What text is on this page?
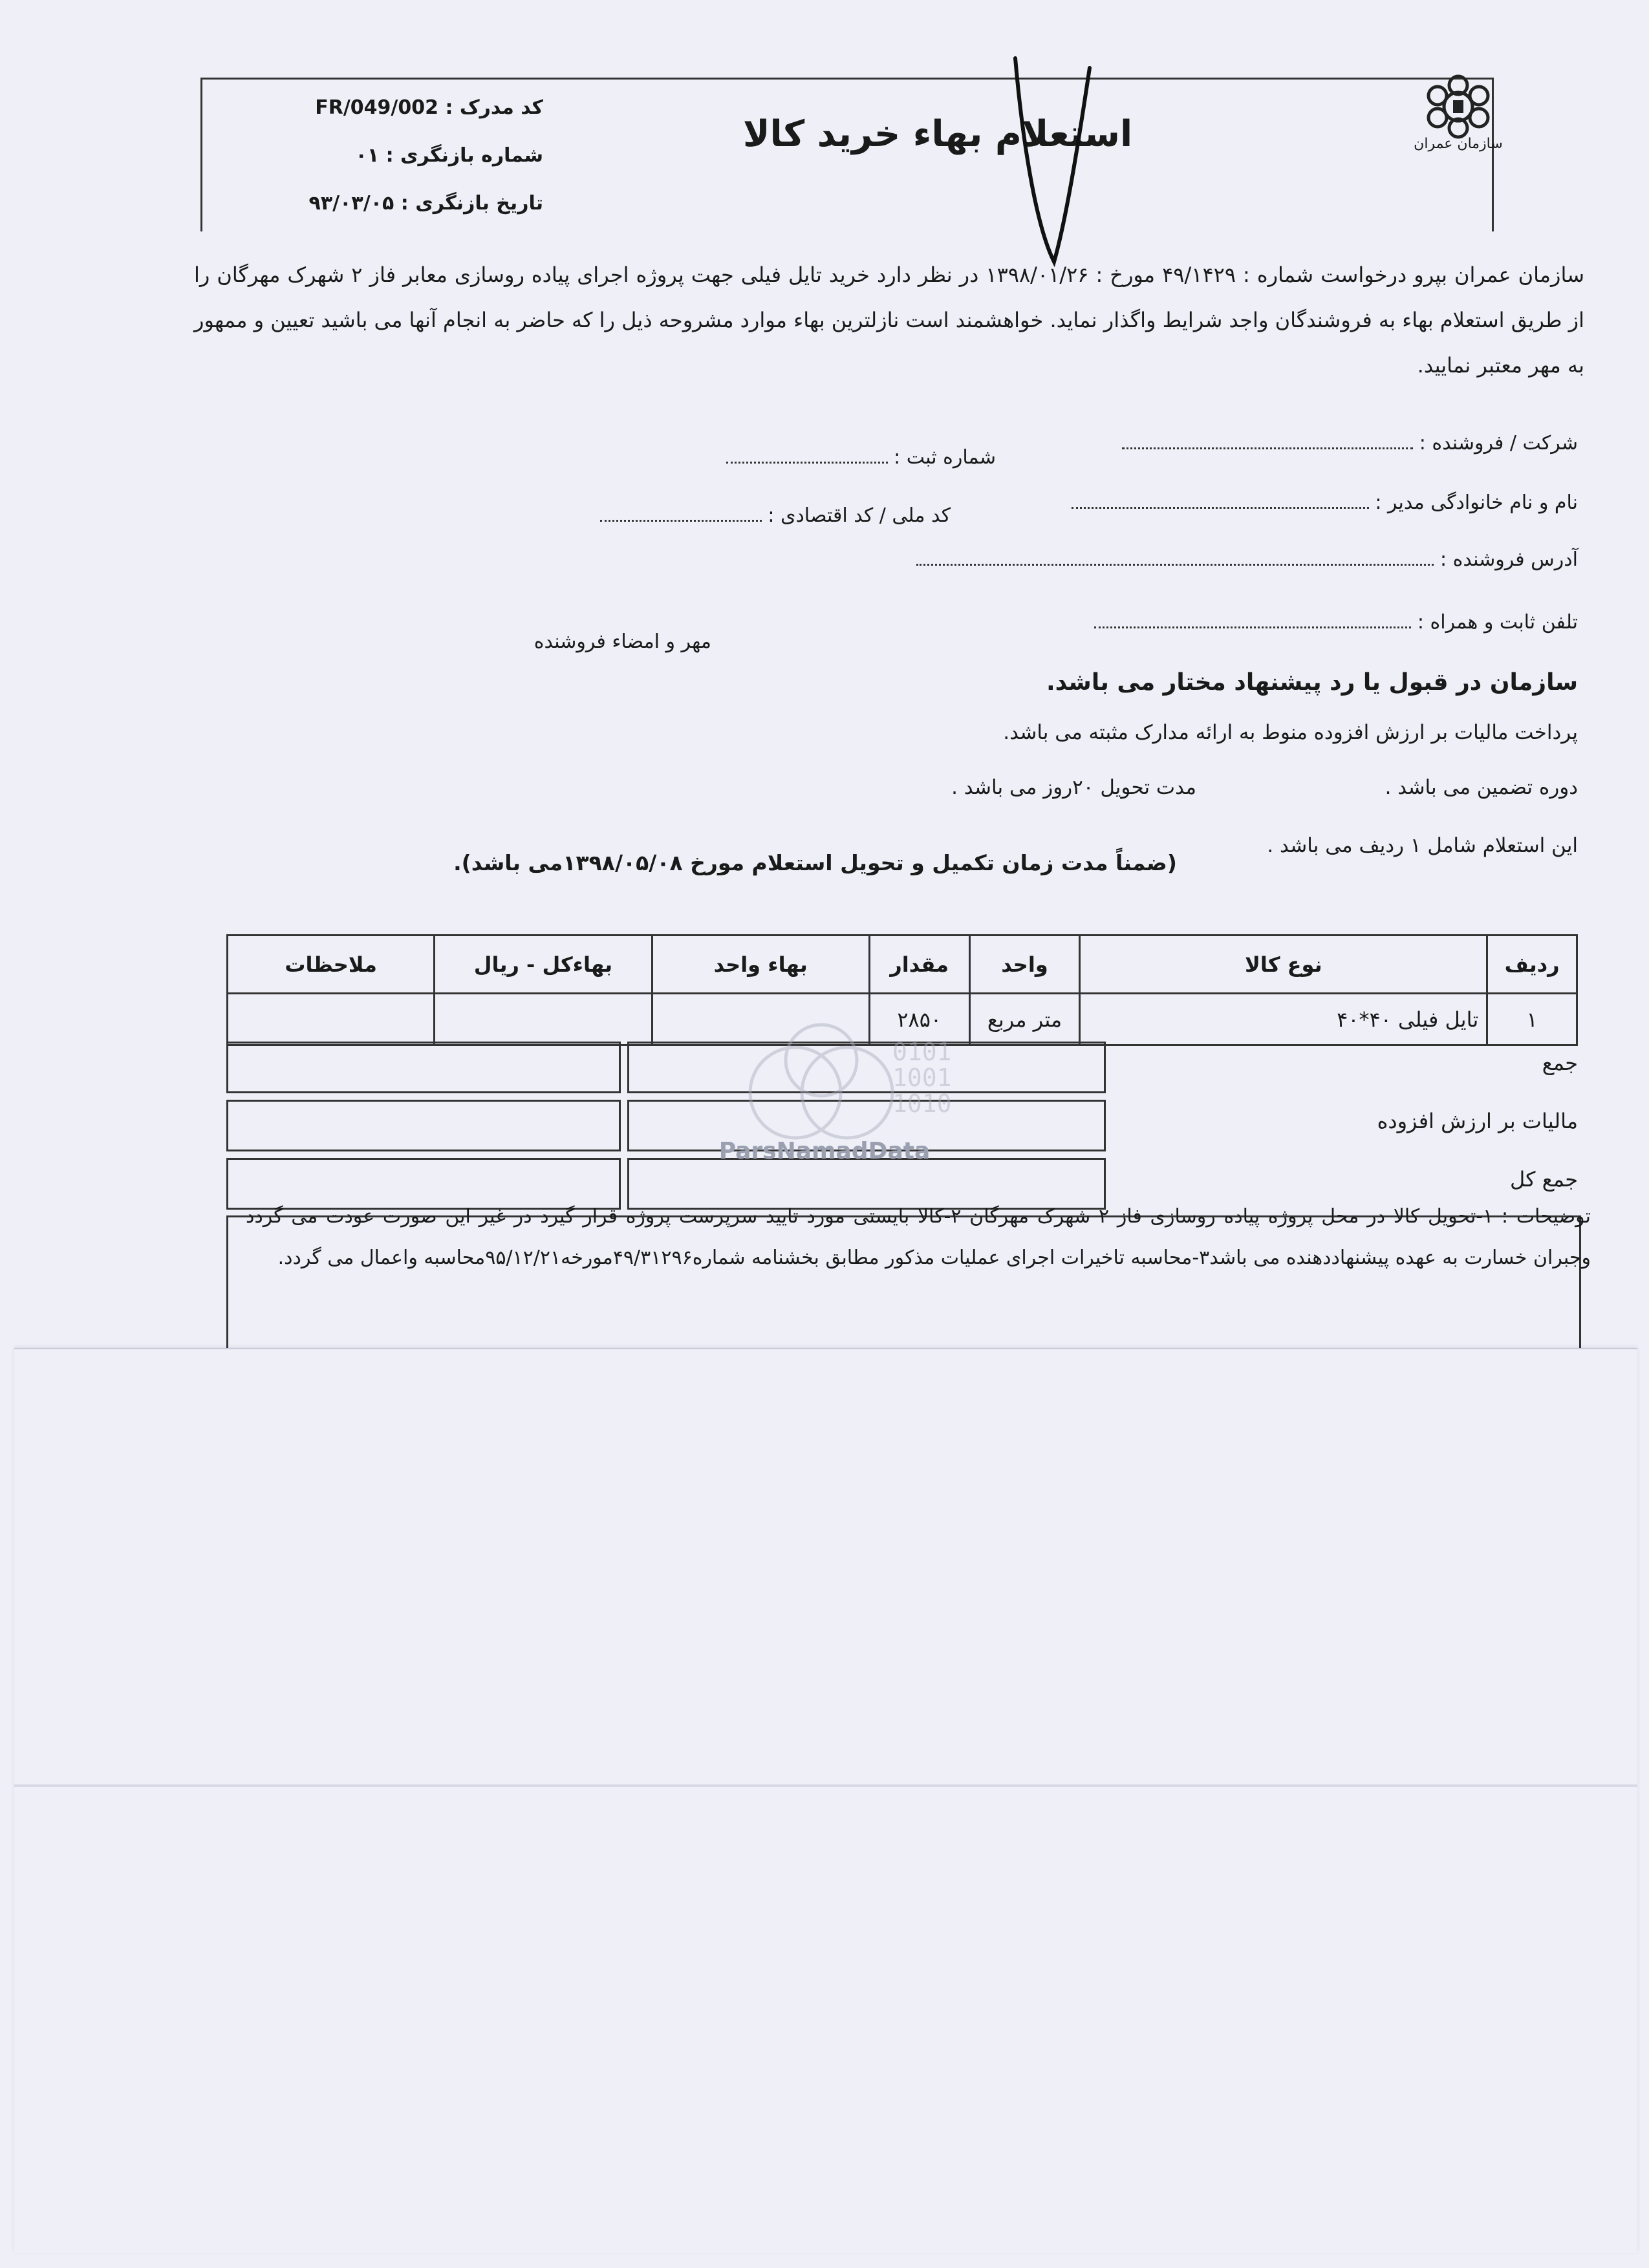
استعلام بهاء خرید کالا
کد مدرک : FR/049/002
شماره بازنگری : ۰۱
تاریخ بازنگری : ۹۳/۰۳/۰۵
سازمان عمران
سازمان عمران بپرو درخواست شماره : ۴۹/۱۴۲۹ مورخ : ۱۳۹۸/۰۱/۲۶ در نظر دارد خرید تایل فیلی جهت پروژه اجرای پیاده روسازی معابر فاز ۲ شهرک مهرگان را از طریق استعلام بهاء به فروشندگان واجد شرایط واگذار نماید. خواهشمند است نازلترین بهاء موارد مشروحه ذیل را که حاضر به انجام آنها می باشید تعیین و ممهور به مهر معتبر نمایید.
شرکت / فروشنده :
شماره ثبت :
نام و نام خانوادگی مدیر :
کد ملی / کد اقتصادی :
آدرس فروشنده :
تلفن ثابت و همراه :
مهر و امضاء فروشنده
سازمان در قبول یا رد پیشنهاد مختار می باشد.
پرداخت مالیات بر ارزش افزوده منوط به ارائه مدارک مثبته می باشد.
دوره تضمین می باشد .
مدت تحویل ۲۰روز می باشد .
این استعلام شامل ۱ ردیف می باشد .
(ضمناً مدت زمان تکمیل و تحویل استعلام مورخ ۱۳۹۸/۰۵/۰۸می باشد).
ردیف	نوع کالا	واحد	مقدار	بهاء واحد	بهاءکل - ریال	ملاحظات
۱	تایل فیلی ۴۰*۴۰	متر مربع	۲۸۵۰			
جمع
مالیات بر ارزش افزوده
جمع کل
0101
1001
1010
ParsNamadData
توضیحات : ۱-تحویل کالا در محل پروژه پیاده روسازی فاز ۲ شهرک مهرگان ۲-کالا بایستی مورد تایید سرپرست پروژه قرار گیرد در غیر این صورت عودت می گردد وجبران خسارت به عهده پیشنهاددهنده می باشد۳-محاسبه تاخیرات اجرای عملیات مذکور مطابق بخشنامه شماره۴۹/۳۱۲۹۶مورخه۹۵/۱۲/۲۱محاسبه واعمال می گردد.
